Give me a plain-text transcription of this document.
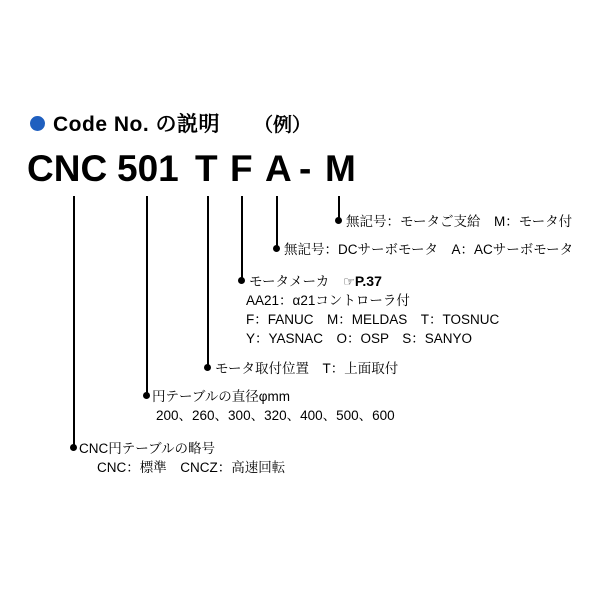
Code No. の説明 （例）
CNC 501 T F A - M
無記号：モータご支給　M：モータ付
無記号：DCサーボモータ　A：ACサーボモータ
モータメーカ ☞P.37
AA21：α21コントローラ付
F：FANUC　M：MELDAS　T：TOSNUC
Y：YASNAC　O：OSP　S：SANYO
モータ取付位置　T：上面取付
円テーブルの直径φmm
200、260、300、320、400、500、600
CNC円テーブルの略号
CNC：標準　CNCZ：高速回転
